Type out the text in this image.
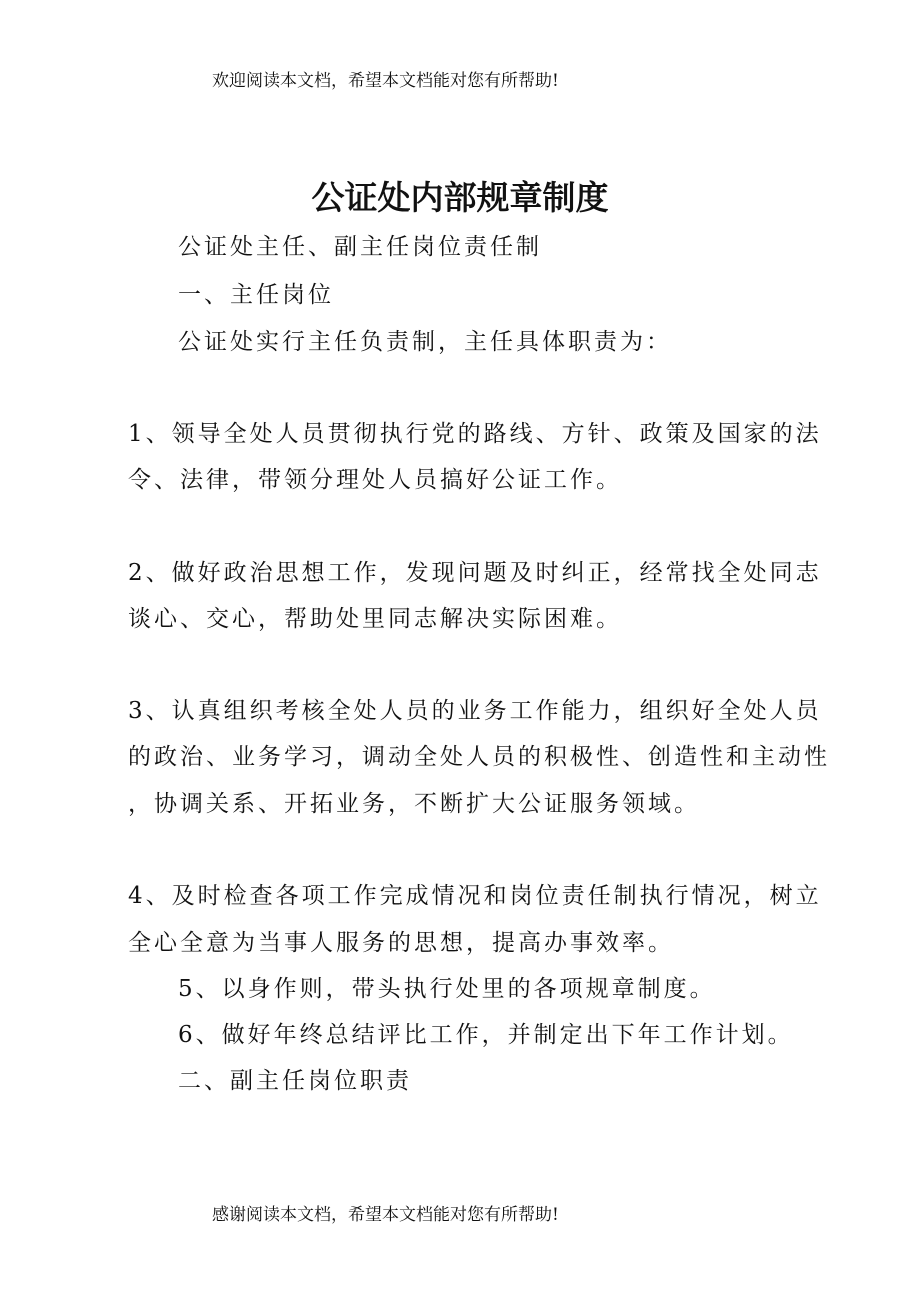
欢迎阅读本文档，希望本文档能对您有所帮助!
公证处内部规章制度
公证处主任、副主任岗位责任制
一、主任岗位
公证处实行主任负责制，主任具体职责为：
1、领导全处人员贯彻执行党的路线、方针、政策及国家的法
令、法律，带领分理处人员搞好公证工作。
2、做好政治思想工作，发现问题及时纠正，经常找全处同志
谈心、交心，帮助处里同志解决实际困难。
3、认真组织考核全处人员的业务工作能力，组织好全处人员
的政治、业务学习，调动全处人员的积极性、创造性和主动性
，协调关系、开拓业务，不断扩大公证服务领域。
4、及时检查各项工作完成情况和岗位责任制执行情况，树立
全心全意为当事人服务的思想，提高办事效率。
5、以身作则，带头执行处里的各项规章制度。
6、做好年终总结评比工作，并制定出下年工作计划。
二、副主任岗位职责
感谢阅读本文档，希望本文档能对您有所帮助!
